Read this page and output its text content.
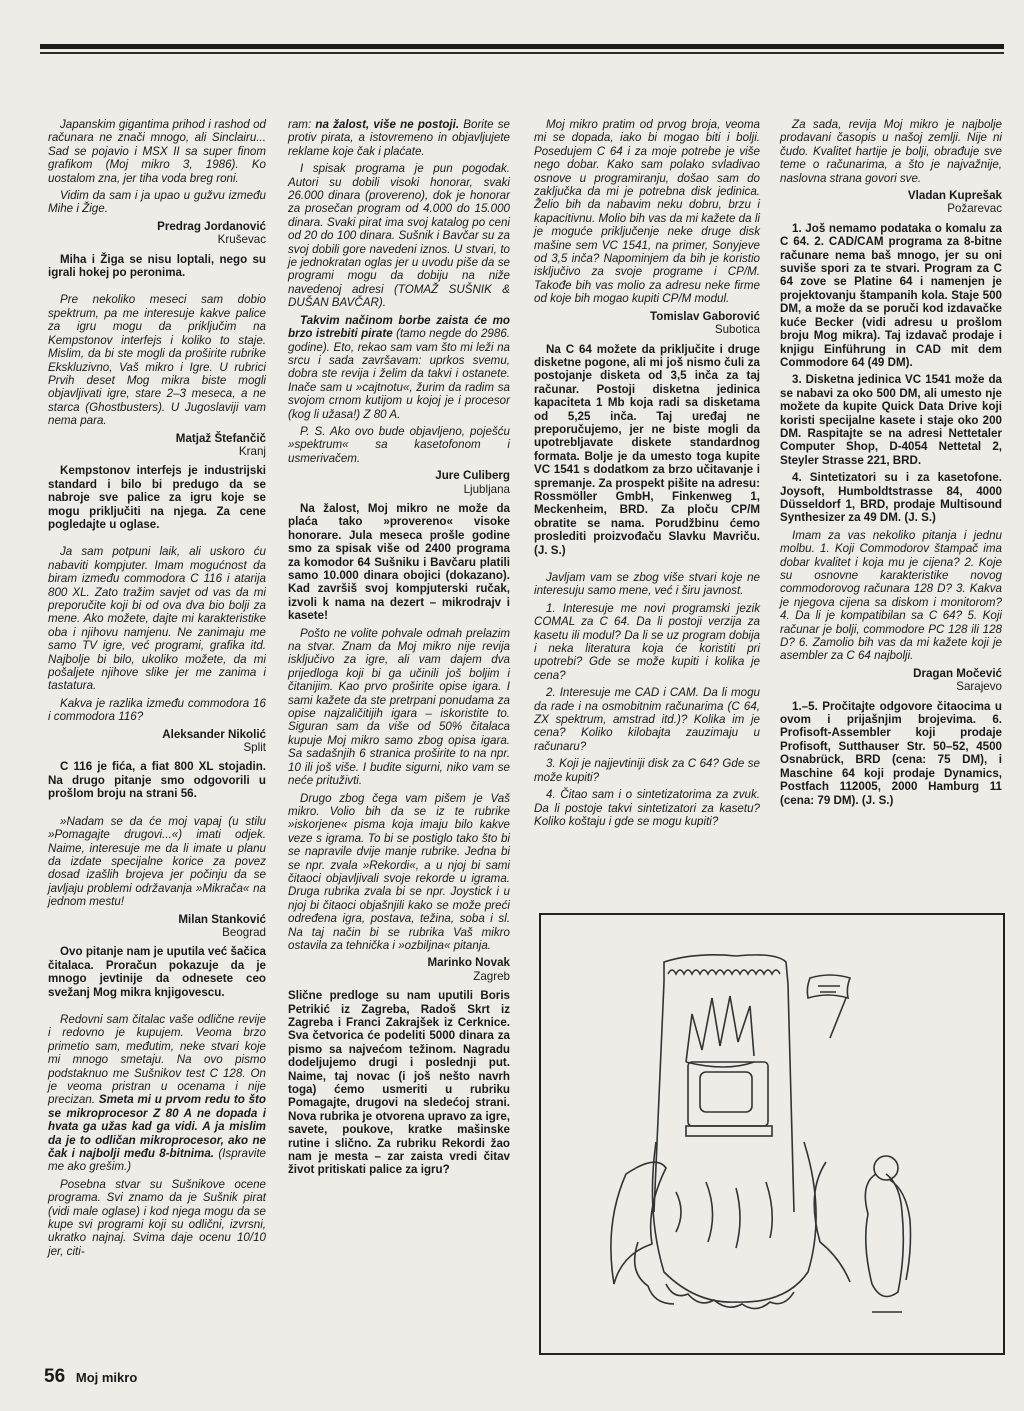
Japanskim gigantima prihod i rashod od računara ne znači mnogo, ali Sinclairu... Sad se pojavio i MSX II sa super finom grafikom (Moj mikro 3, 1986). Ko uostalom zna, jer tiha voda breg roni.

Vidim da sam i ja upao u gužvu između Mihe i Žige.

Predrag Jordanović

Kruševac

Miha i Žiga se nisu loptali, nego su igrali hokej po peronima.

Pre nekoliko meseci sam dobio spektrum, pa me interesuje kakve palice za igru mogu da priključim na Kempstonov interfejs i koliko to staje. Mislim, da bi ste mogli da proširite rubrike Ekskluzivno, Vaš mikro i Igre. U rubrici Prvih deset Mog mikra biste mogli objavljivati igre, stare 2–3 meseca, a ne starca (Ghostbusters). U Jugoslaviji vam nema para.

Matjaž Štefančič

Kranj

Kempstonov interfejs je industrijski standard i bilo bi predugo da se nabroje sve palice za igru koje se mogu priključiti na njega. Za cene pogledajte u oglase.

Ja sam potpuni laik, ali uskoro ću nabaviti kompjuter. Imam mogućnost da biram između commodora C 116 i atarija 800 XL. Zato tražim savjet od vas da mi preporučite koji bi od ova dva bio bolji za mene. Ako možete, dajte mi karakteristike oba i njihovu namjenu. Ne zanimaju me samo TV igre, već programi, grafika itd. Najbolje bi bilo, ukoliko možete, da mi pošaljete njihove slike jer me zanima i tastatura.

Kakva je razlika između commodora 16 i commodora 116?

Aleksander Nikolić

Split

C 116 je fića, a fiat 800 XL stojadin. Na drugo pitanje smo odgovorili u prošlom broju na strani 56.

»Nadam se da će moj vapaj (u stilu »Pomagajte drugovi...«) imati odjek. Naime, interesuje me da li imate u planu da izdate specijalne korice za povez dosad izašlih brojeva jer počinju da se javljaju problemi održavanja »Mikrača« na jednom mestu!

Milan Stanković

Beograd

Ovo pitanje nam je uputila već šačica čitalaca. Proračun pokazuje da je mnogo jevtinije da odnesete ceo svežanj Mog mikra knjigovescu.

Redovni sam čitalac vaše odlične revije i redovno je kupujem. Veoma brzo primetio sam, međutim, neke stvari koje mi mnogo smetaju. Na ovo pismo podstaknuo me Sušnikov test C 128. On je veoma pristran u ocenama i nije precizan. Smeta mi u prvom redu to što se mikroprocesor Z 80 A ne dopada i hvata ga užas kad ga vidi. A ja mislim da je to odličan mikroprocesor, ako ne čak i najbolji među 8-bitnima. (Ispravite me ako grešim.)

Posebna stvar su Sušnikove ocene programa. Svi znamo da je Sušnik pirat (vidi male oglase) i kod njega mogu da se kupe svi programi koji su odlični, izvrsni, ukratko najnaj. Svima daje ocenu 10/10 jer, citi-

ram: na žalost, više ne postoji. Borite se protiv pirata, a istovremeno in objavljujete reklame koje čak i plaćate.

I spisak programa je pun pogodak. Autori su dobili visoki honorar, svaki 26.000 dinara (provereno), dok je honorar za prosečan program od 4.000 do 15.000 dinara. Svaki pirat ima svoj katalog po ceni od 20 do 100 dinara. Sušnik i Bavčar su za svoj dobili gore navedeni iznos. U stvari, to je jednokratan oglas jer u uvodu piše da se programi mogu da dobiju na niže navedenoj adresi (TOMAŽ SUŠNIK & DUŠAN BAVČAR).

Takvim načinom borbe zaista će mo brzo istrebiti pirate (tamo negde do 2986. godine). Eto, rekao sam vam što mi leži na srcu i sada završavam: uprkos svemu, dobra ste revija i želim da takvi i ostanete. Inače sam u »cajtnotu«, žurim da radim sa svojom crnom kutijom u kojoj je i procesor (kog li užasa!) Z 80 A.

P. S. Ako ovo bude objavljeno, poješću »spektrum« sa kasetofonom i usmerivačem.

Jure Culiberg

Ljubljana

Na žalost, Moj mikro ne može da plaća tako »provereno« visoke honorare. Jula meseca prošle godine smo za spisak više od 2400 programa za komodor 64 Sušniku i Bavčaru platili samo 10.000 dinara obojici (dokazano). Kad završiš svoj kompjuterski ručak, izvoli k nama na dezert – mikrodrajv i kasete!

Pošto ne volite pohvale odmah prelazim na stvar. Znam da Moj mikro nije revija isključivo za igre, ali vam dajem dva prijedloga koji bi ga učinili još boljim i čitanijim. Kao prvo proširite opise igara. I sami kažete da ste pretrpani ponudama za opise najzaličitijih igara – iskoristite to. Siguran sam da više od 50% čitalaca kupuje Moj mikro samo zbog opisa igara. Sa sadašnjih 6 stranica proširite to na npr. 10 ili još više. I budite sigurni, niko vam se neće prituživti.

Drugo zbog čega vam pišem je Vaš mikro. Volio bih da se iz te rubrike »iskorjene« pisma koja imaju bilo kakve veze s igrama. To bi se postiglo tako što bi se napravile dvije manje rubrike. Jedna bi se npr. zvala »Rekordi«, a u njoj bi sami čitaoci objavljivali svoje rekorde u igrama. Druga rubrika zvala bi se npr. Joystick i u njoj bi čitaoci objašnjili kako se može preći određena igra, postava, težina, soba i sl. Na taj način bi se rubrika Vaš mikro ostavila za tehnička i »ozbiljna« pitanja.

Marinko Novak

Zagreb

Slične predloge su nam uputili Boris Petrikić iz Zagreba, Radoš Skrt iz Zagreba i Franci Zakrajšek iz Cerknice. Sva četvorica će podeliti 5000 dinara za pismo sa najvećom težinom. Nagradu dodeljujemo drugi i poslednji put. Naime, taj novac (i još nešto navrh toga) ćemo usmeriti u rubriku Pomagajte, drugovi na sledećoj strani. Nova rubrika je otvorena upravo za igre, savete, poukove, kratke mašinske rutine i slično. Za rubriku Rekordi žao nam je mesta – zar zaista vredi čitav život pritiskati palice za igru?

Moj mikro pratim od prvog broja, veoma mi se dopada, iako bi mogao biti i bolji. Posedujem C 64 i za moje potrebe je više nego dobar. Kako sam polako svladivao osnove u programiranju, došao sam do zaključka da mi je potrebna disk jedinica. Želio bih da nabavim neku dobru, brzu i kapacitivnu. Molio bih vas da mi kažete da li je moguće priključenje neke druge disk mašine sem VC 1541, na primer, Sonyjeve od 3,5 inča? Napominjem da bih je koristio isključivo za svoje programe i CP/M. Takođe bih vas molio za adresu neke firme od koje bih mogao kupiti CP/M modul.

Tomislav Gaborović

Subotica

Na C 64 možete da priključite i druge disketne pogone, ali mi još nismo čuli za postojanje disketa od 3,5 inča za taj računar. Postoji disketna jedinica kapaciteta 1 Mb koja radi sa disketama od 5,25 inča. Taj uređaj ne preporučujemo, jer ne biste mogli da upotrebljavate diskete standardnog formata. Bolje je da umesto toga kupite VC 1541 s dodatkom za brzo učitavanje i spremanje. Za prospekt pišite na adresu: Rossmöller GmbH, Finkenweg 1, Meckenheim, BRD. Za ploču CP/M obratite se nama. Porudžbinu ćemo proslediti proizvođaču Slavku Mavriču. (J. S.)

Javljam vam se zbog više stvari koje ne interesuju samo mene, već i širu javnost.

1. Interesuje me novi programski jezik COMAL za C 64. Da li postoji verzija za kasetu ili modul? Da li se uz program dobija i neka literatura koja će koristiti pri upotrebi? Gde se može kupiti i kolika je cena?

2. Interesuje me CAD i CAM. Da li mogu da rade i na osmobitnim računarima (C 64, ZX spektrum, amstrad itd.)? Kolika im je cena? Koliko kilobajta zauzimaju u računaru?

3. Koji je najjevtiniji disk za C 64? Gde se može kupiti?

4. Čitao sam i o sintetizatorima za zvuk. Da li postoje takvi sintetizatori za kasetu? Koliko koštaju i gde se mogu kupiti?

Za sada, revija Moj mikro je najbolje prodavani časopis u našoj zemlji. Nije ni čudo. Kvalitet hartije je bolji, obrađuje sve teme o računarima, a što je najvažnije, naslovna strana govori sve.

Vladan Kuprešak

Požarevac

1. Još nemamo podataka o komalu za C 64. 2. CAD/CAM programa za 8-bitne računare nema baš mnogo, jer su oni suviše spori za te stvari. Program za C 64 zove se Platine 64 i namenjen je projektovanju štampanih kola. Staje 500 DM, a može da se poruči kod izdavačke kuće Becker (vidi adresu u prošlom broju Mog mikra). Taj izdavač prodaje i knjigu Einführung in CAD mit dem Commodore 64 (49 DM).

3. Disketna jedinica VC 1541 može da se nabavi za oko 500 DM, ali umesto nje možete da kupite Quick Data Drive koji koristi specijalne kasete i staje oko 200 DM. Raspitajte se na adresi Nettetaler Computer Shop, D-4054 Nettetal 2, Steyler Strasse 221, BRD.

4. Sintetizatori su i za kasetofone. Joysoft, Humboldtstrasse 84, 4000 Düsseldorf 1, BRD, prodaje Multisound Synthesizer za 49 DM. (J. S.)

Imam za vas nekoliko pitanja i jednu molbu. 1. Koji Commodorov štampač ima dobar kvalitet i koja mu je cijena? 2. Koje su osnovne karakteristike novog commodorovog računara 128 D? 3. Kakva je njegova cijena sa diskom i monitorom? 4. Da li je kompatibilan sa C 64? 5. Koji računar je bolji, commodore PC 128 ili 128 D? 6. Zamolio bih vas da mi kažete koji je asembler za C 64 najbolji.

Dragan Močević

Sarajevo

1.–5. Pročitajte odgovore čitaocima u ovom i prijašnjim brojevima. 6. Profisoft-Assembler koji prodaje Profisoft, Sutthauser Str. 50–52, 4500 Osnabrück, BRD (cena: 75 DM), i Maschine 64 koji prodaje Dynamics, Postfach 112005, 2000 Hamburg 11 (cena: 79 DM). (J. S.)

56 Moj mikro
